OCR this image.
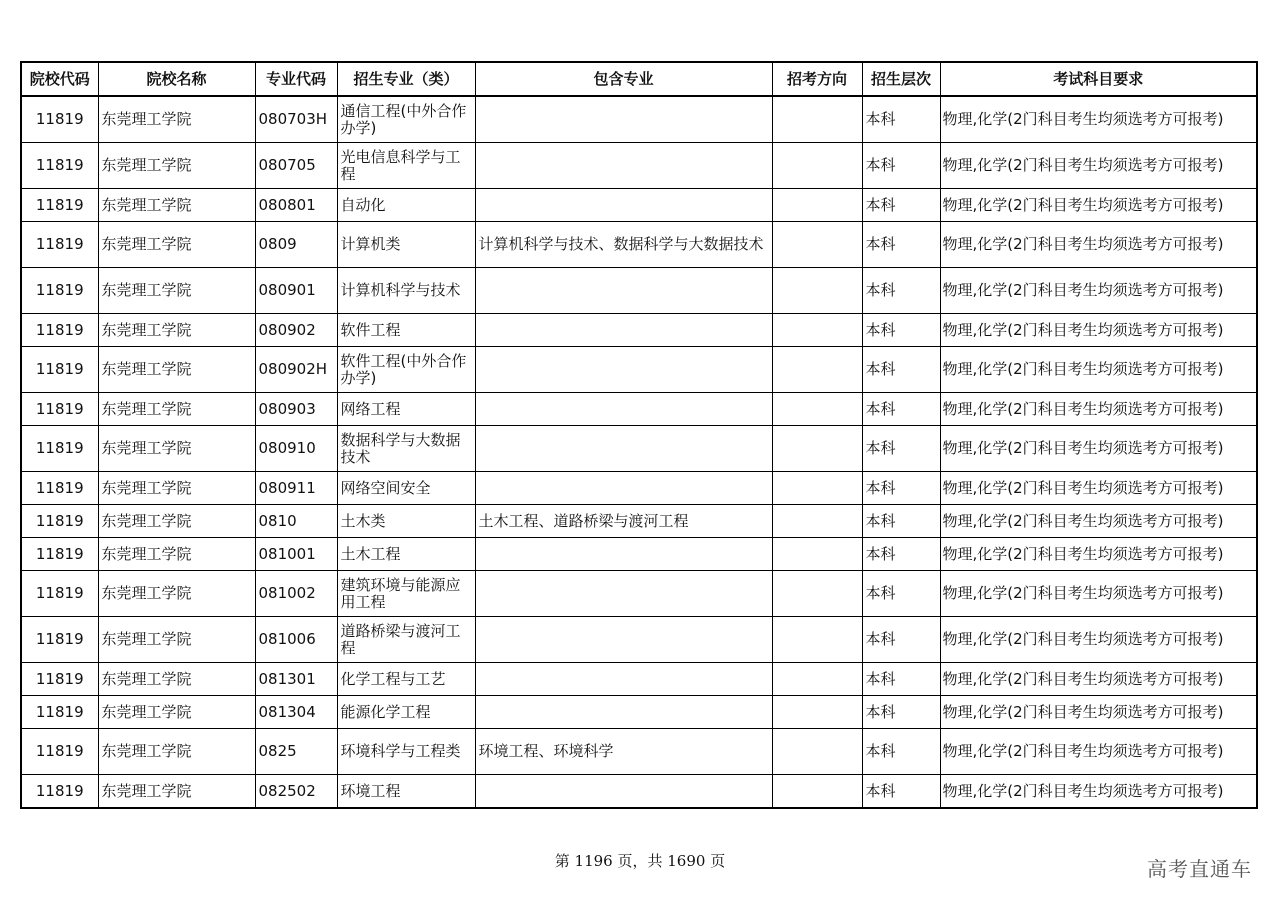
院校代码	院校名称	专业代码	招生专业（类）	包含专业	招考方向	招生层次	考试科目要求
11819	东莞理工学院	080703H	通信工程(中外合作办学)			本科	物理,化学(2门科目考生均须选考方可报考)
11819	东莞理工学院	080705	光电信息科学与工程			本科	物理,化学(2门科目考生均须选考方可报考)
11819	东莞理工学院	080801	自动化			本科	物理,化学(2门科目考生均须选考方可报考)
11819	东莞理工学院	0809	计算机类	计算机科学与技术、数据科学与大数据技术		本科	物理,化学(2门科目考生均须选考方可报考)
11819	东莞理工学院	080901	计算机科学与技术			本科	物理,化学(2门科目考生均须选考方可报考)
11819	东莞理工学院	080902	软件工程			本科	物理,化学(2门科目考生均须选考方可报考)
11819	东莞理工学院	080902H	软件工程(中外合作办学)			本科	物理,化学(2门科目考生均须选考方可报考)
11819	东莞理工学院	080903	网络工程			本科	物理,化学(2门科目考生均须选考方可报考)
11819	东莞理工学院	080910	数据科学与大数据技术			本科	物理,化学(2门科目考生均须选考方可报考)
11819	东莞理工学院	080911	网络空间安全			本科	物理,化学(2门科目考生均须选考方可报考)
11819	东莞理工学院	0810	土木类	土木工程、道路桥梁与渡河工程		本科	物理,化学(2门科目考生均须选考方可报考)
11819	东莞理工学院	081001	土木工程			本科	物理,化学(2门科目考生均须选考方可报考)
11819	东莞理工学院	081002	建筑环境与能源应用工程			本科	物理,化学(2门科目考生均须选考方可报考)
11819	东莞理工学院	081006	道路桥梁与渡河工程			本科	物理,化学(2门科目考生均须选考方可报考)
11819	东莞理工学院	081301	化学工程与工艺			本科	物理,化学(2门科目考生均须选考方可报考)
11819	东莞理工学院	081304	能源化学工程			本科	物理,化学(2门科目考生均须选考方可报考)
11819	东莞理工学院	0825	环境科学与工程类	环境工程、环境科学		本科	物理,化学(2门科目考生均须选考方可报考)
11819	东莞理工学院	082502	环境工程			本科	物理,化学(2门科目考生均须选考方可报考)
第 1196 页，共 1690 页	高考直通车
